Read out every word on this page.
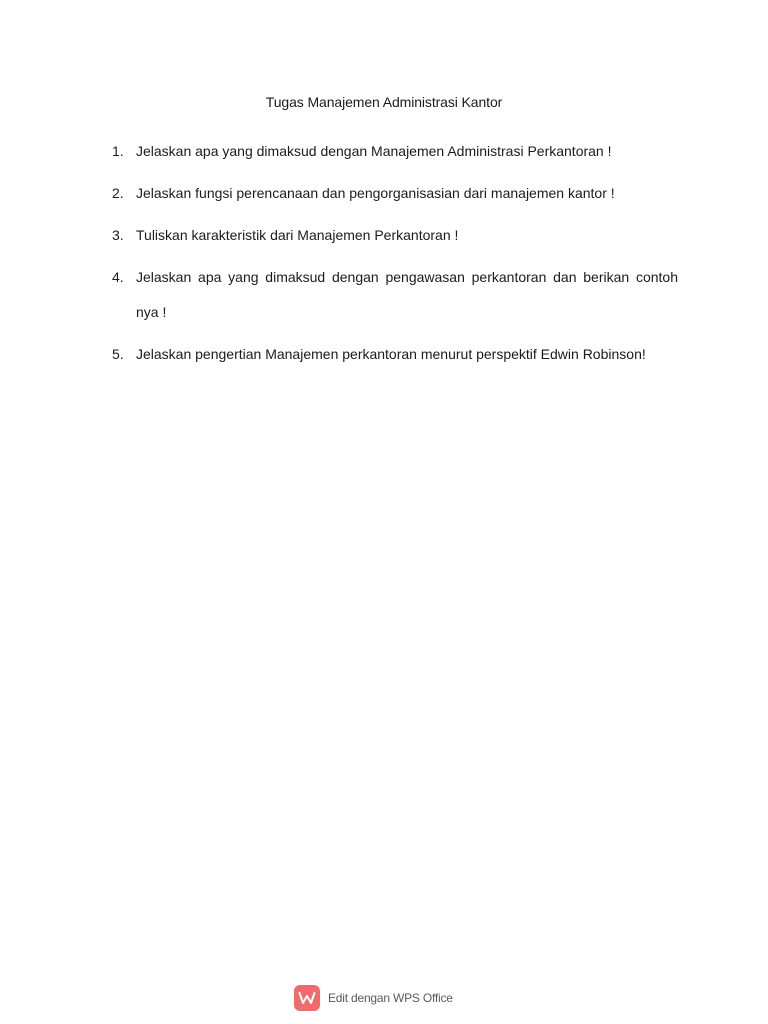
Tugas Manajemen Administrasi Kantor
1. Jelaskan apa yang dimaksud dengan Manajemen Administrasi Perkantoran !
2. Jelaskan fungsi perencanaan dan pengorganisasian dari manajemen kantor !
3. Tuliskan karakteristik dari Manajemen Perkantoran !
4. Jelaskan apa yang dimaksud dengan pengawasan perkantoran dan berikan contoh nya !
5. Jelaskan pengertian Manajemen perkantoran menurut perspektif Edwin Robinson!
Edit dengan WPS Office
